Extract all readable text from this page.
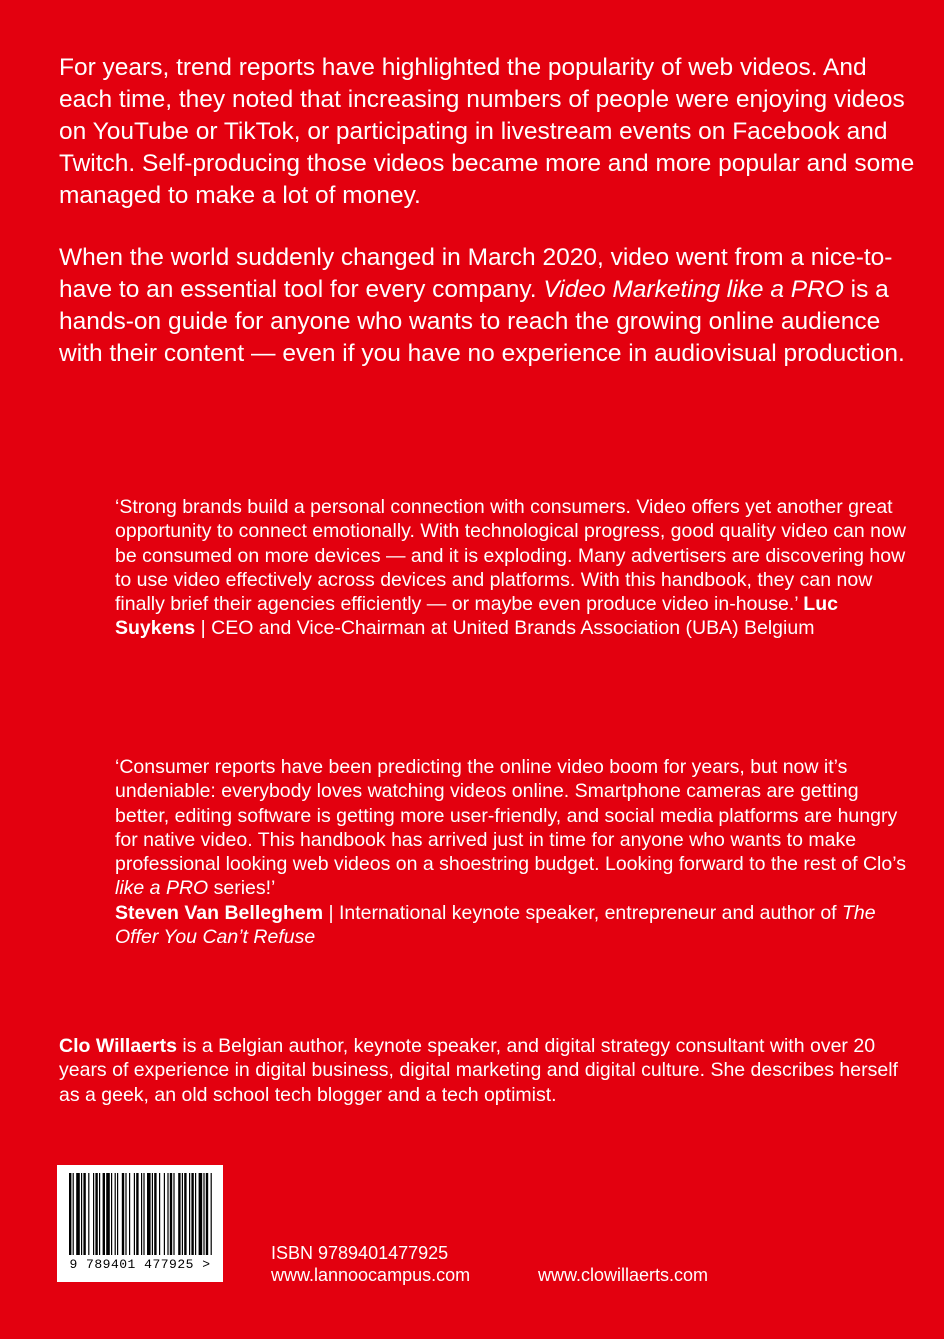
For years, trend reports have highlighted the popularity of web videos. And each time, they noted that increasing numbers of people were enjoying videos on YouTube or TikTok, or participating in livestream events on Facebook and Twitch. Self-producing those videos became more and more popular and some managed to make a lot of money.

When the world suddenly changed in March 2020, video went from a nice-to-have to an essential tool for every company. Video Marketing like a PRO is a hands-on guide for anyone who wants to reach the growing online audience with their content — even if you have no experience in audiovisual production.

‘Strong brands build a personal connection with consumers. Video offers yet another great opportunity to connect emotionally. With technological progress, good quality video can now be consumed on more devices — and it is exploding. Many advertisers are discovering how to use video effectively across devices and platforms. With this handbook, they can now finally brief their agencies efficiently — or maybe even produce video in-house.’ Luc Suykens | CEO and Vice-Chairman at United Brands Association (UBA) Belgium

‘Consumer reports have been predicting the online video boom for years, but now it’s undeniable: everybody loves watching videos online. Smartphone cameras are getting better, editing software is getting more user-friendly, and social media platforms are hungry for native video. This handbook has arrived just in time for anyone who wants to make professional looking web videos on a shoestring budget. Looking forward to the rest of Clo’s like a PRO series!’
Steven Van Belleghem | International keynote speaker, entrepreneur and author of The Offer You Can’t Refuse

Clo Willaerts is a Belgian author, keynote speaker, and digital strategy consultant with over 20 years of experience in digital business, digital marketing and digital culture. She describes herself as a geek, an old school tech blogger and a tech optimist.

9 789401 477925 >
ISBN 9789401477925
www.lannoocampus.com	www.clowillaerts.com
